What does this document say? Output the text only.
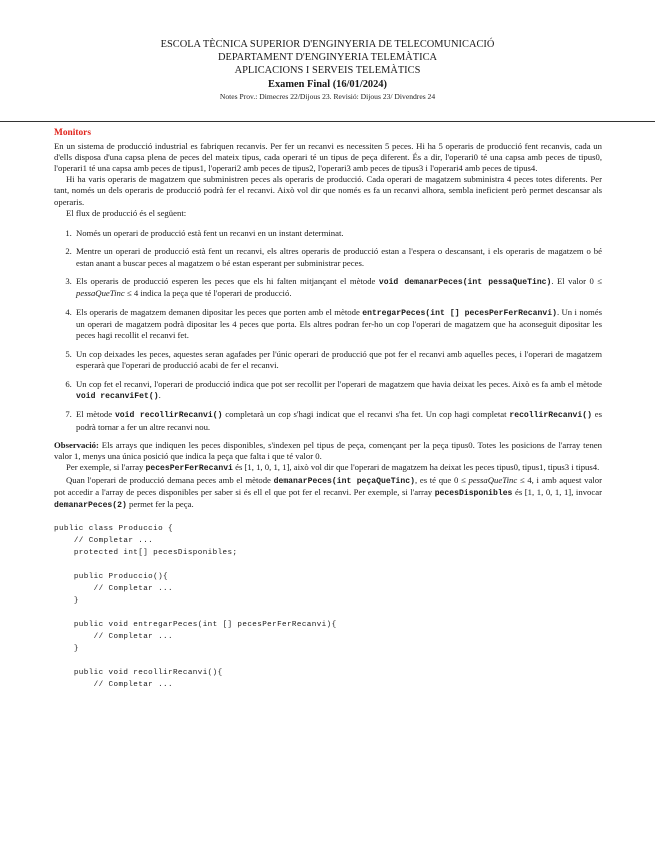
ESCOLA TÈCNICA SUPERIOR D'ENGINYERIA DE TELECOMUNICACIÓ
DEPARTAMENT D'ENGINYERIA TELEMÀTICA
APLICACIONS I SERVEIS TELEMÀTICS
Examen Final (16/01/2024)
Notes Prov.: Dimecres 22/Dijous 23. Revisió: Dijous 23/ Divendres 24
Monitors

En un sistema de producció industrial es fabriquen recanvis. Per fer un recanvi es necessiten 5 peces. Hi ha 5 operaris de producció fent recanvis, cada un d'ells disposa d'una capsa plena de peces del mateix tipus, cada operari té un tipus de peça diferent. És a dir, l'operari0 té una capsa amb peces de tipus0, l'operari1 té una capsa amb peces de tipus1, l'operari2 amb peces de tipus2, l'operari3 amb peces de tipus3 i l'operari4 amb peces de tipus4.

Hi ha varis operaris de magatzem que subministren peces als operaris de producció. Cada operari de magatzem subministra 4 peces totes diferents. Per tant, només un dels operaris de producció podrà fer el recanvi. Això vol dir que només es fa un recanvi alhora, sembla ineficient però permet descansar als operaris.

El flux de producció és el següent:

1. Només un operari de producció està fent un recanvi en un instant determinat.
2. Mentre un operari de producció està fent un recanvi, els altres operaris de producció estan a l'espera o descansant, i els operaris de magatzem o bé estan anant a buscar peces al magatzem o bé estan esperant per subministrar peces.
3. Els operaris de producció esperen les peces que els hi falten mitjançant el mètode void demanarPeces(int pessaQueTinc). El valor 0 ≤ pessaQueTinc ≤ 4 indica la peça que té l'operari de producció.
4. Els operaris de magatzem demanen dipositar les peces que porten amb el mètode entregarPeces(int [] pecesPerFerRecanvi). Un i només un operari de magatzem podrà dipositar les 4 peces que porta. Els altres podran fer-ho un cop l'operari de magatzem que ha aconseguit dipositar les peces hagi recollit el recanvi fet.
5. Un cop deixades les peces, aquestes seran agafades per l'únic operari de producció que pot fer el recanvi amb aquelles peces, i l'operari de magatzem esperarà que l'operari de producció acabi de fer el recanvi.
6. Un cop fet el recanvi, l'operari de producció indica que pot ser recollit per l'operari de magatzem que havia deixat les peces. Això es fa amb el mètode void recanviFet().
7. El mètode void recollirRecanvi() completarà un cop s'hagi indicat que el recanvi s'ha fet. Un cop hagi completat recollirRecanvi() es podrà tornar a fer un altre recanvi nou.

Observació: Els arrays que indiquen les peces disponibles, s'indexen pel tipus de peça, començant per la peça tipus0. Totes les posicions de l'array tenen valor 1, menys una única posició que indica la peça que falta i que té valor 0.

Per exemple, si l'array pecesPerFerRecanvi és [1, 1, 0, 1, 1], això vol dir que l'operari de magatzem ha deixat les peces tipus0, tipus1, tipus3 i tipus4.

Quan l'operari de producció demana peces amb el mètode demanarPeces(int peçaQueTinc), es té que 0 ≤ pessaQueTinc ≤ 4, i amb aquest valor pot accedir a l'array de peces disponibles per saber si és ell el que pot fer el recanvi. Per exemple, si l'array pecesDisponibles és [1, 1, 0, 1, 1], invocar demanarPeces(2) permet fer la peça.

public class Produccio {
// Completar ...
protected int[] pecesDisponibles;

public Produccio(){
// Completar ...
}

public void entregarPeces(int [] pecesPerFerRecanvi){
// Completar ...
}

public void recollirRecanvi(){
// Completar ...
